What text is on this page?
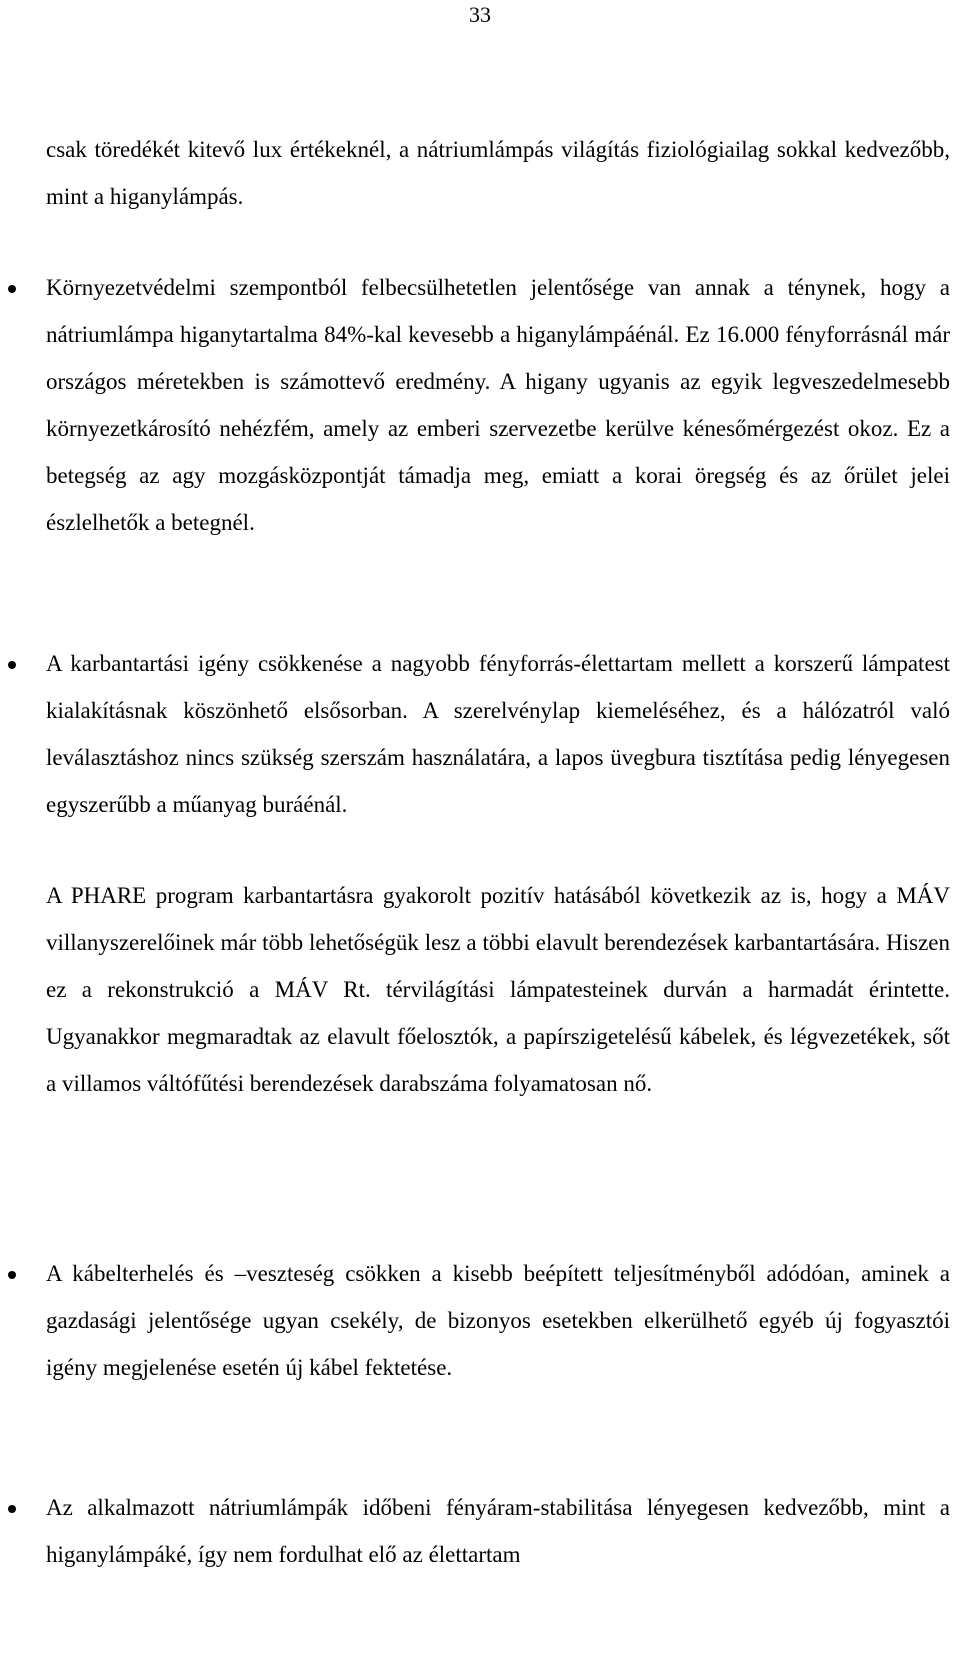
33

csak töredékét kitevő lux értékeknél, a nátriumlámpás világítás fiziológiailag sokkal kedvezőbb, mint a higanylámpás.

Környezetvédelmi szempontból felbecsülhetetlen jelentősége van annak a ténynek, hogy a nátriumlámpa higanytartalma 84%-kal kevesebb a higanylámpáénál. Ez 16.000 fényforrásnál már országos méretekben is számottevő eredmény. A higany ugyanis az egyik legveszedelmesebb környezetkárosító nehézfém, amely az emberi szervezetbe kerülve kénesőmérgezést okoz. Ez a betegség az agy mozgásközpontját támadja meg, emiatt a korai öregség és az őrület jelei észlelhetők a betegnél.

A karbantartási igény csökkenése a nagyobb fényforrás-élettartam mellett a korszerű lámpatest kialakításnak köszönhető elsősorban. A szerelvénylap kiemeléséhez, és a hálózatról való leválasztáshoz nincs szükség szerszám használatára, a lapos üvegbura tisztítása pedig lényegesen egyszerűbb a műanyag buráénál.

A PHARE program karbantartásra gyakorolt pozitív hatásából következik az is, hogy a MÁV villanyszerelőinek már több lehetőségük lesz a többi elavult berendezések karbantartására. Hiszen ez a rekonstrukció a MÁV Rt. térvilágítási lámpatesteinek durván a harmadát érintette. Ugyanakkor megmaradtak az elavult főelosztók, a papírszigetelésű kábelek, és légvezetékek, sőt a villamos váltófűtési berendezések darabszáma folyamatosan nő.

A kábelterhelés és –veszteség csökken a kisebb beépített teljesítményből adódóan, aminek a gazdasági jelentősége ugyan csekély, de bizonyos esetekben elkerülhető egyéb új fogyasztói igény megjelenése esetén új kábel fektetése.

Az alkalmazott nátriumlámpák időbeni fényáram-stabilitása lényegesen kedvezőbb, mint a higanylámpáké, így nem fordulhat elő az élettartam
